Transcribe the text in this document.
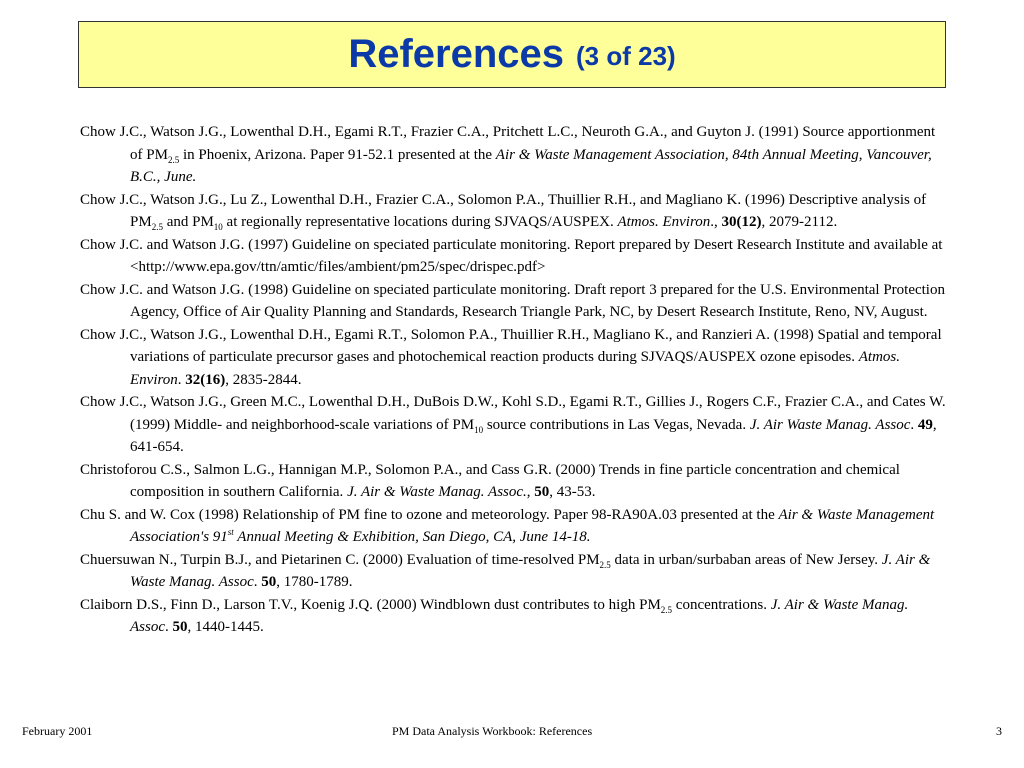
References (3 of 23)

Chow J.C., Watson J.G., Lowenthal D.H., Egami R.T., Frazier C.A., Pritchett L.C., Neuroth G.A., and Guyton J. (1991) Source apportionment of $PM_{2.5}$ in Phoenix, Arizona. Paper 91-52.1 presented at the Air & Waste Management Association, 84th Annual Meeting, Vancouver, B.C., June.

Chow J.C., Watson J.G., Lu Z., Lowenthal D.H., Frazier C.A., Solomon P.A., Thuillier R.H., and Magliano K. (1996) Descriptive analysis of $PM_{2.5}$ and $PM_{10}$ at regionally representative locations during SJVAQS/AUSPEX. Atmos. Environ., 30(12), 2079-2112.

Chow J.C. and Watson J.G. (1997) Guideline on speciated particulate monitoring. Report prepared by Desert Research Institute and available at <http://www.epa.gov/ttn/amtic/files/ambient/pm25/spec/drispec.pdf>

Chow J.C. and Watson J.G. (1998) Guideline on speciated particulate monitoring. Draft report 3 prepared for the U.S. Environmental Protection Agency, Office of Air Quality Planning and Standards, Research Triangle Park, NC, by Desert Research Institute, Reno, NV, August.

Chow J.C., Watson J.G., Lowenthal D.H., Egami R.T., Solomon P.A., Thuillier R.H., Magliano K., and Ranzieri A. (1998) Spatial and temporal variations of particulate precursor gases and photochemical reaction products during SJVAQS/AUSPEX ozone episodes. Atmos. Environ. 32(16), 2835-2844.

Chow J.C., Watson J.G., Green M.C., Lowenthal D.H., DuBois D.W., Kohl S.D., Egami R.T., Gillies J., Rogers C.F., Frazier C.A., and Cates W. (1999) Middle- and neighborhood-scale variations of $PM_{10}$ source contributions in Las Vegas, Nevada. J. Air Waste Manag. Assoc. 49, 641-654.

Christoforou C.S., Salmon L.G., Hannigan M.P., Solomon P.A., and Cass G.R. (2000) Trends in fine particle concentration and chemical composition in southern California. J. Air & Waste Manag. Assoc., 50, 43-53.

Chu S. and W. Cox (1998) Relationship of PM fine to ozone and meteorology. Paper 98-RA90A.03 presented at the Air & Waste Management Association's 91st Annual Meeting & Exhibition, San Diego, CA, June 14-18.

Chuersuwan N., Turpin B.J., and Pietarinen C. (2000) Evaluation of time-resolved $PM_{2.5}$ data in urban/surbaban areas of New Jersey. J. Air & Waste Manag. Assoc. 50, 1780-1789.

Claiborn D.S., Finn D., Larson T.V., Koenig J.Q. (2000) Windblown dust contributes to high $PM_{2.5}$ concentrations. J. Air & Waste Manag. Assoc. 50, 1440-1445.

February 2001	PM Data Analysis Workbook: References	3
